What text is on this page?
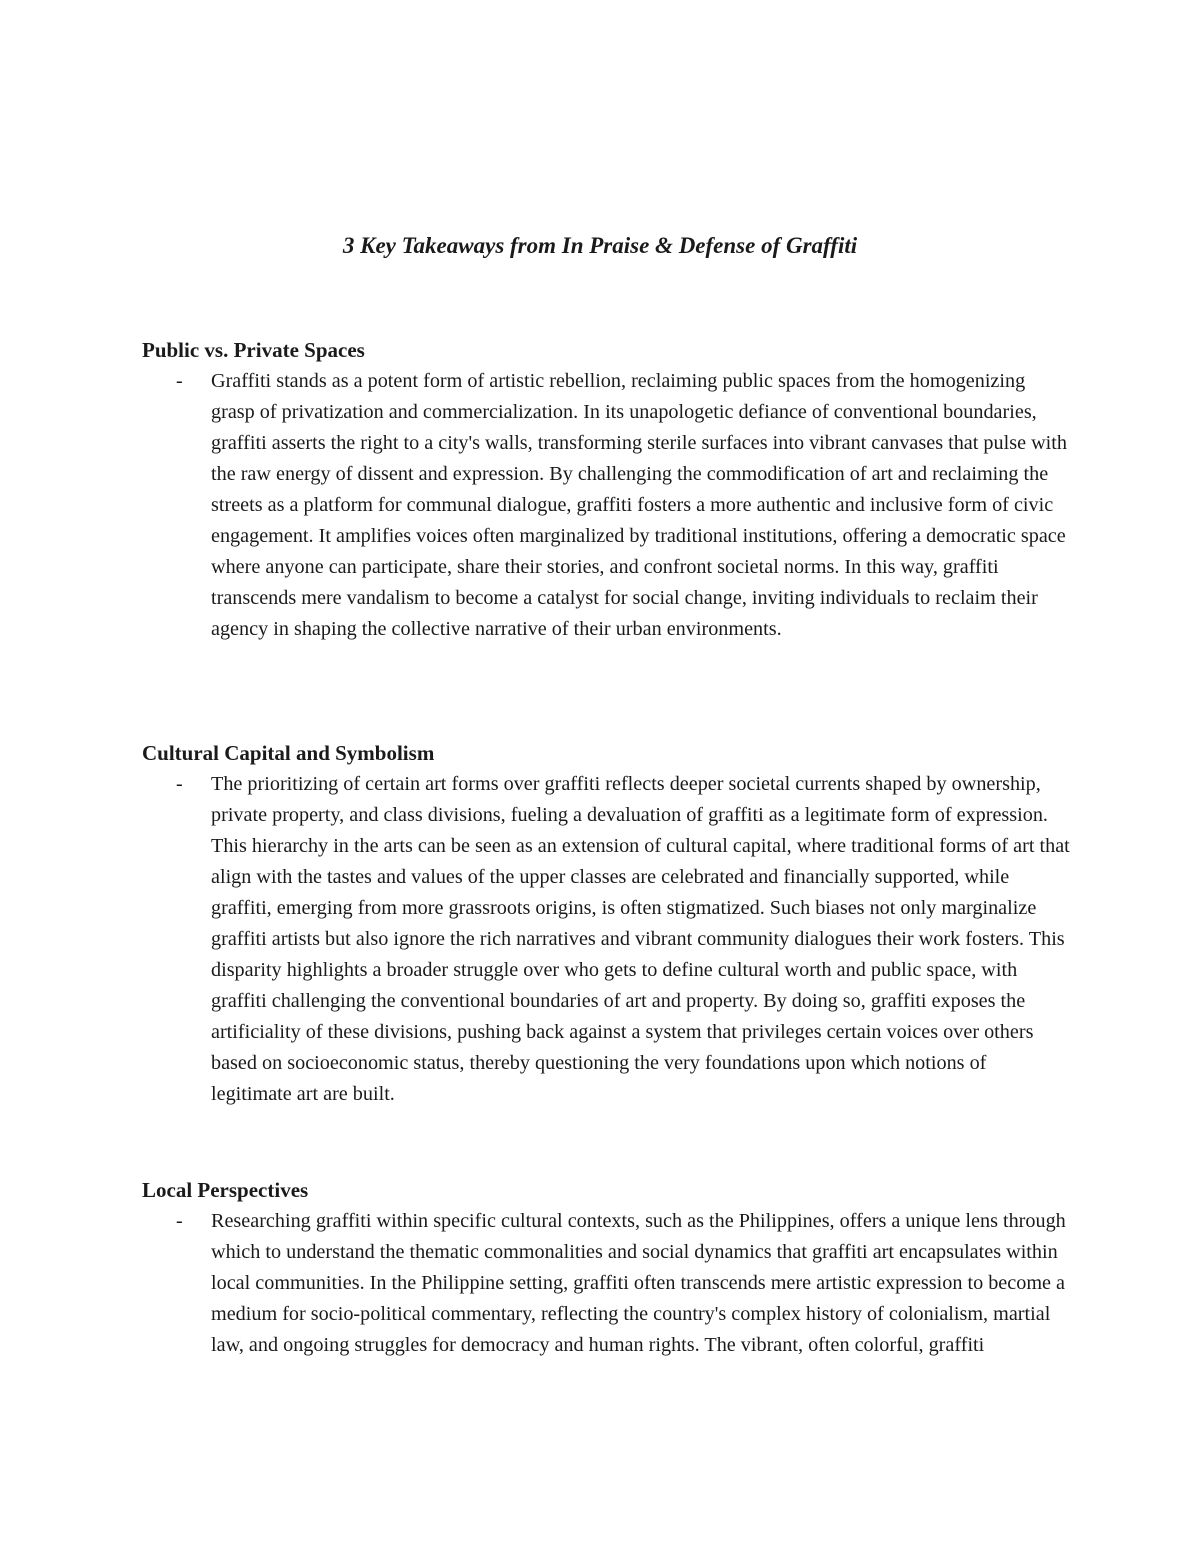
3 Key Takeaways from In Praise & Defense of Graffiti

Public vs. Private Spaces

- Graffiti stands as a potent form of artistic rebellion, reclaiming public spaces from the homogenizing grasp of privatization and commercialization. In its unapologetic defiance of conventional boundaries, graffiti asserts the right to a city's walls, transforming sterile surfaces into vibrant canvases that pulse with the raw energy of dissent and expression. By challenging the commodification of art and reclaiming the streets as a platform for communal dialogue, graffiti fosters a more authentic and inclusive form of civic engagement. It amplifies voices often marginalized by traditional institutions, offering a democratic space where anyone can participate, share their stories, and confront societal norms. In this way, graffiti transcends mere vandalism to become a catalyst for social change, inviting individuals to reclaim their agency in shaping the collective narrative of their urban environments.

Cultural Capital and Symbolism

- The prioritizing of certain art forms over graffiti reflects deeper societal currents shaped by ownership, private property, and class divisions, fueling a devaluation of graffiti as a legitimate form of expression. This hierarchy in the arts can be seen as an extension of cultural capital, where traditional forms of art that align with the tastes and values of the upper classes are celebrated and financially supported, while graffiti, emerging from more grassroots origins, is often stigmatized. Such biases not only marginalize graffiti artists but also ignore the rich narratives and vibrant community dialogues their work fosters. This disparity highlights a broader struggle over who gets to define cultural worth and public space, with graffiti challenging the conventional boundaries of art and property. By doing so, graffiti exposes the artificiality of these divisions, pushing back against a system that privileges certain voices over others based on socioeconomic status, thereby questioning the very foundations upon which notions of legitimate art are built.

Local Perspectives

- Researching graffiti within specific cultural contexts, such as the Philippines, offers a unique lens through which to understand the thematic commonalities and social dynamics that graffiti art encapsulates within local communities. In the Philippine setting, graffiti often transcends mere artistic expression to become a medium for socio-political commentary, reflecting the country's complex history of colonialism, martial law, and ongoing struggles for democracy and human rights. The vibrant, often colorful, graffiti
